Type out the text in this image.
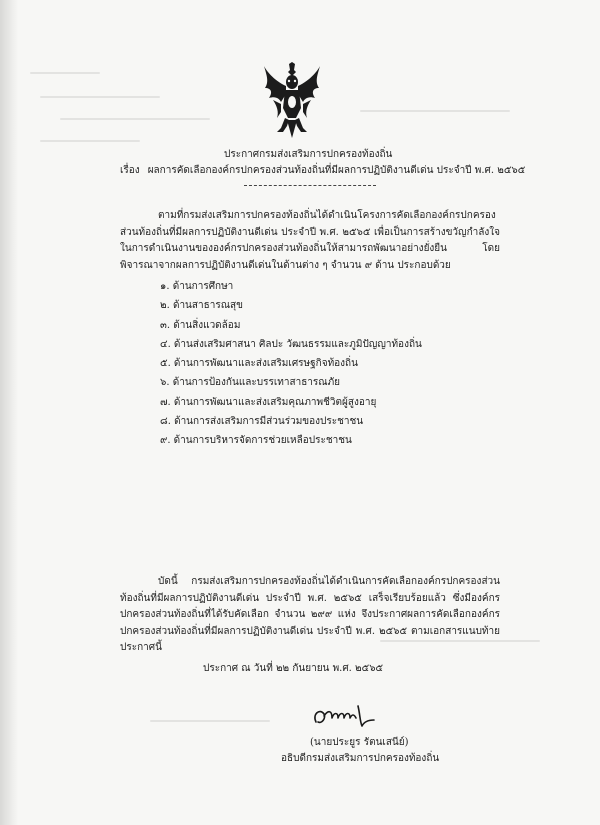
ประกาศกรมส่งเสริมการปกครองท้องถิ่น
เรื่อง ผลการคัดเลือกองค์กรปกครองส่วนท้องถิ่นที่มีผลการปฏิบัติงานดีเด่น ประจำปี พ.ศ. ๒๕๖๕
ตามที่กรมส่งเสริมการปกครองท้องถิ่นได้ดำเนินโครงการคัดเลือกองค์กรปกครองส่วนท้องถิ่นที่มีผลการปฏิบัติงานดีเด่น ประจำปี พ.ศ. ๒๕๖๕ เพื่อเป็นการสร้างขวัญกำลังใจในการดำเนินงานขององค์กรปกครองส่วนท้องถิ่นให้สามารถพัฒนาอย่างยั่งยืน โดยพิจารณาจากผลการปฏิบัติงานดีเด่นในด้านต่าง ๆ จำนวน ๙ ด้าน ประกอบด้วย
๑. ด้านการศึกษา
๒. ด้านสาธารณสุข
๓. ด้านสิ่งแวดล้อม
๔. ด้านส่งเสริมศาสนา ศิลปะ วัฒนธรรมและภูมิปัญญาท้องถิ่น
๕. ด้านการพัฒนาและส่งเสริมเศรษฐกิจท้องถิ่น
๖. ด้านการป้องกันและบรรเทาสาธารณภัย
๗. ด้านการพัฒนาและส่งเสริมคุณภาพชีวิตผู้สูงอายุ
๘. ด้านการส่งเสริมการมีส่วนร่วมของประชาชน
๙. ด้านการบริหารจัดการช่วยเหลือประชาชน
บัดนี้ กรมส่งเสริมการปกครองท้องถิ่นได้ดำเนินการคัดเลือกองค์กรปกครองส่วนท้องถิ่นที่มีผลการปฏิบัติงานดีเด่น ประจำปี พ.ศ. ๒๕๖๕ เสร็จเรียบร้อยแล้ว ซึ่งมีองค์กรปกครองส่วนท้องถิ่นที่ได้รับคัดเลือก จำนวน ๒๙๙ แห่ง จึงประกาศผลการคัดเลือกองค์กรปกครองส่วนท้องถิ่นที่มีผลการปฏิบัติงานดีเด่น ประจำปี พ.ศ. ๒๕๖๕ ตามเอกสารแนบท้ายประกาศนี้
ประกาศ ณ วันที่ ๒๒ กันยายน พ.ศ. ๒๕๖๕
(นายประยูร รัตนเสนีย์)
อธิบดีกรมส่งเสริมการปกครองท้องถิ่น
